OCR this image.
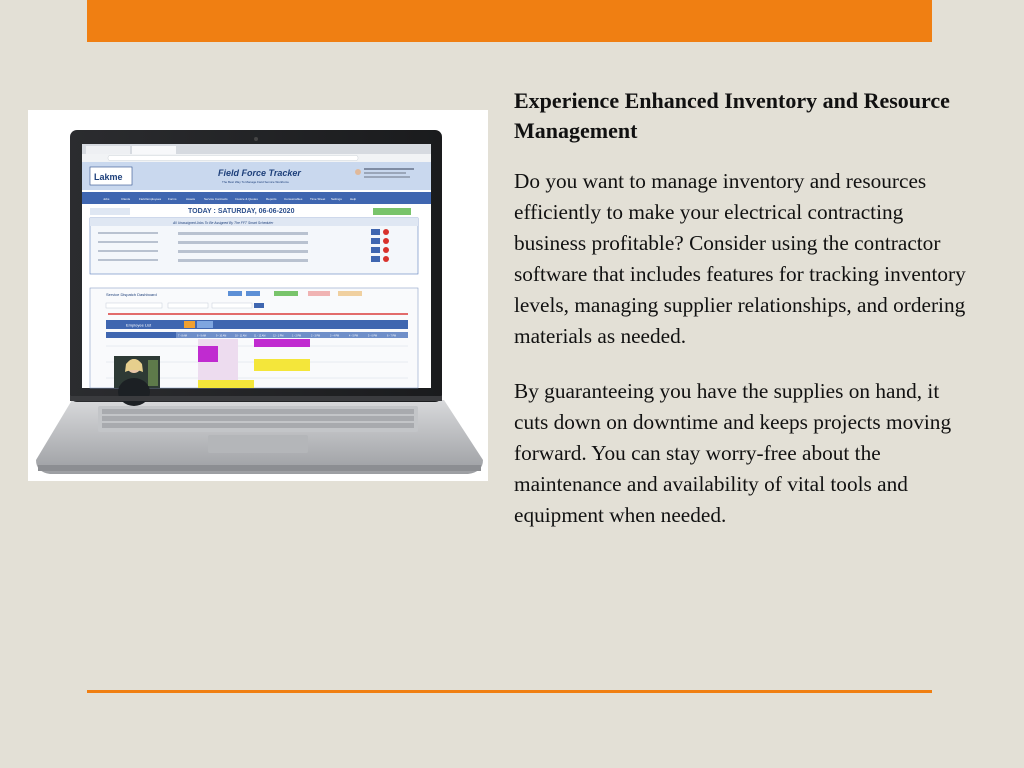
Lakme	Field Force Tracker
The Best Way To Manage Field Service Workforce
Jobs	Clients	Field Employees Forms	Assets	Service Contracts Invoice & Quotes	Reports Consumables	Time Sheet Settings	Help
TODAY : SATURDAY, 06-06-2020
All Unassigned Jobs To Be Assigned By The FFT Smart Scheduler
Service Dispatch Dashboard
Employee List
7 - 8 AM	8 - 9 AM	9 - 10 AM	10 - 11 AM	11 - 12 AM	12 - 1 PM	1 - 2 PM	2 - 3 PM	3 - 4 PM	4 - 5 PM	5 - 6 PM	6 - 7 PM
Experience Enhanced Inventory and Resource Management

Do you want to manage inventory and resources efficiently to make your electrical contracting business profitable? Consider using the contractor software that includes features for tracking inventory levels, managing supplier relationships, and ordering materials as needed.

By guaranteeing you have the supplies on hand, it cuts down on downtime and keeps projects moving forward. You can stay worry-free about the maintenance and availability of vital tools and equipment when needed.
